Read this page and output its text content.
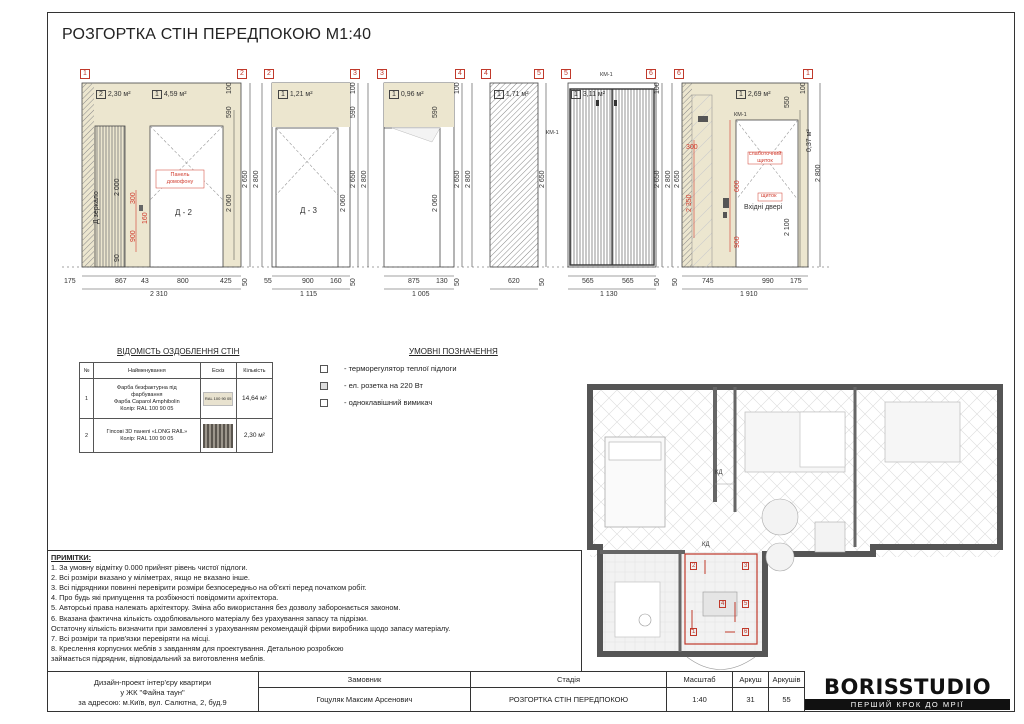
РОЗГОРТКА СТІН ПЕРЕДПОКОЮ М1:40
1	2	2	3	3	4	4	5	5	6	6	1
2 2,30 м²	1 4,59 м²	1 1,21 м²	1 0,96 м²	1 1,71 м²	1 3,11 м²	1 2,69 м²
Д - 2	Д - 3
Д зеркало
Панель домофону
КМ-1
КМ-1
КМ-1
слаботочний щиток
щиток
Вхідні двері
175	867 43	800	425
2 310
2 650 2 800
590
2 060
100
50
90
900
160
300
2 000
55	900 160
1 115
2 650 2 800
590
2 060
100
50	875 130
1 005
2 650 2 800
590
2 060
100
50	620
2 650
50	565	565
1 130
2 650 2 800
100
50	745	990 175
1 910
2 800
0,37 м²
300
2 350
900
600
550
100
2 100
50
2 650
ВІДОМІСТЬ ОЗДОБЛЕННЯ СТІН
№	Найменування	Ескіз	Кількість
1	Фарба безфактурна під
фарбування
Фарба Caparol Amphibolin
Колір: RAL 100 90 05	RAL 100 90 05	14,64 м²
2	Гіпсові 3D панелі «LONG RAIL»
Колір: RAL 100 90 05		2,30 м²
УМОВНІ ПОЗНАЧЕННЯ
- терморегулятор теплої підлоги
- ел. розетка на 220 Вт
- одноклавішний вимикач
КД
КД
2
1
3
4	5
6
ПРИМІТКИ:
1. За умовну відмітку 0.000 прийнят рівень чистої підлоги.
2. Всі розміри вказано у міліметрах, якщо не вказано інше.
3. Всі підрядники повинні перевірити розміри безпосередньо на об'єкті перед початком робіт.
4. Про будь які припущення та розбіжності повідомити архітектора.
5. Авторські права належать архітектору. Зміна або використання без дозволу заборонається законом.
6. Вказана фактична кількість оздоблювального матеріалу без урахування запасу та підрізки.
Остаточну кількість визначити при замовленні з урахуванням рекомендацій фірми виробника щодо запасу матеріалу.
7. Всі розміри та прив'язки перевіряти на місці.
8. Креслення корпусних меблів з завданням для проектування. Детальною розробкою
займається підрядник, відповідальний за виготовлення меблів.
Дизайн-проект інтер'єру квартири
у ЖК "Файна таун"
за адресою: м.Київ, вул. Салютна, 2, буд.9
Замовник
Гоцуляк Максим Арсенович
Стадія
РОЗГОРТКА СТІН ПЕРЕДПОКОЮ
Масштаб
1:40
Аркуш
31
Аркушів
55
BORISSTUDIO
ПЕРШИЙ КРОК ДО МРІЇ
